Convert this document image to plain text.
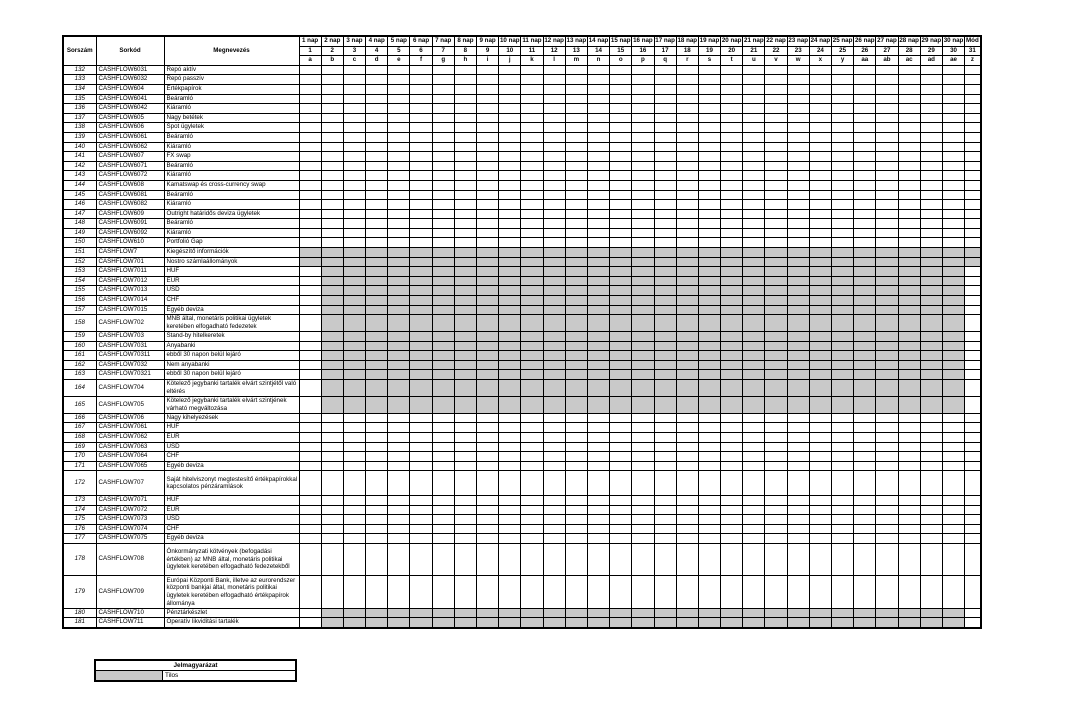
Sorszám	Sorkód	Megnevezés	1 nap	2 nap	3 nap	4 nap	5 nap	6 nap	7 nap	8 nap	9 nap	10 nap	11 nap	12 nap	13 nap	14 nap	15 nap	16 nap	17 nap	18 nap	19 nap	20 nap	21 nap	22 nap	23 nap	24 nap	25 nap	26 nap	27 nap	28 nap	29 nap	30 nap	Mód
			1	2	3	4	5	6	7	8	9	10	11	12	13	14	15	16	17	18	19	20	21	22	23	24	25	26	27	28	29	30	31
			a	b	c	d	e	f	g	h	i	j	k	l	m	n	o	p	q	r	s	t	u	v	w	x	y	aa	ab	ac	ad	ae	z
132	CASHFLOW6031	Repó aktív																															
133	CASHFLOW6032	Repó passzív																															
134	CASHFLOW604	Értékpapírok																															
135	CASHFLOW6041	Beáramló																															
136	CASHFLOW6042	Kiáramló																															
137	CASHFLOW605	Nagy betétek																															
138	CASHFLOW606	Spot ügyletek																															
139	CASHFLOW6061	Beáramló																															
140	CASHFLOW6062	Kiáramló																															
141	CASHFLOW607	FX swap																															
142	CASHFLOW6071	Beáramló																															
143	CASHFLOW6072	Kiáramló																															
144	CASHFLOW608	Kamatswap és cross-currency swap																															
145	CASHFLOW6081	Beáramló																															
146	CASHFLOW6082	Kiáramló																															
147	CASHFLOW609	Outright határidős deviza ügyletek																															
148	CASHFLOW6091	Beáramló																															
149	CASHFLOW6092	Kiáramló																															
150	CASHFLOW610	Portfolió Gap																															
151	CASHFLOW7	Kiegészítő információk																															
152	CASHFLOW701	Nostro számlaállományok																															
153	CASHFLOW7011	HUF																															
154	CASHFLOW7012	EUR																															
155	CASHFLOW7013	USD																															
156	CASHFLOW7014	CHF																															
157	CASHFLOW7015	Egyéb deviza																															
158	CASHFLOW702	MNB által, monetáris politikai ügyletek keretében elfogadható fedezetek																															
159	CASHFLOW703	Stand-by hitelkeretek																															
160	CASHFLOW7031	Anyabanki																															
161	CASHFLOW70311	ebből 30 napon belül lejáró																															
162	CASHFLOW7032	Nem anyabanki																															
163	CASHFLOW70321	ebből 30 napon belül lejáró																															
164	CASHFLOW704	Kötelező jegybanki tartalék elvárt szintjétől való eltérés																															
165	CASHFLOW705	Kötelező jegybanki tartalék elvárt szintjének várható megváltozása																															
166	CASHFLOW706	Nagy kihelyezések																															
167	CASHFLOW7061	HUF																															
168	CASHFLOW7062	EUR																															
169	CASHFLOW7063	USD																															
170	CASHFLOW7064	CHF																															
171	CASHFLOW7065	Egyéb deviza																															
172	CASHFLOW707	Saját hitelviszonyt megtestesítő értékpapírokkal kapcsolatos pénzáramlások																															
173	CASHFLOW7071	HUF																															
174	CASHFLOW7072	EUR																															
175	CASHFLOW7073	USD																															
176	CASHFLOW7074	CHF																															
177	CASHFLOW7075	Egyéb deviza																															
178	CASHFLOW708	Önkormányzati kötvények (befogadási értékben) az MNB által, monetáris politikai ügyletek keretében elfogadható fedezetekből																															
179	CASHFLOW709	Európai Központi Bank, illetve az eurorendszer központi bankjai által, monetáris politikai ügyletek keretében elfogadható értékpapírok állománya																															
180	CASHFLOW710	Pénztárkészlet																															
181	CASHFLOW711	Operatív likviditási tartalék																															
Jelmagyarázat
	Tilos
